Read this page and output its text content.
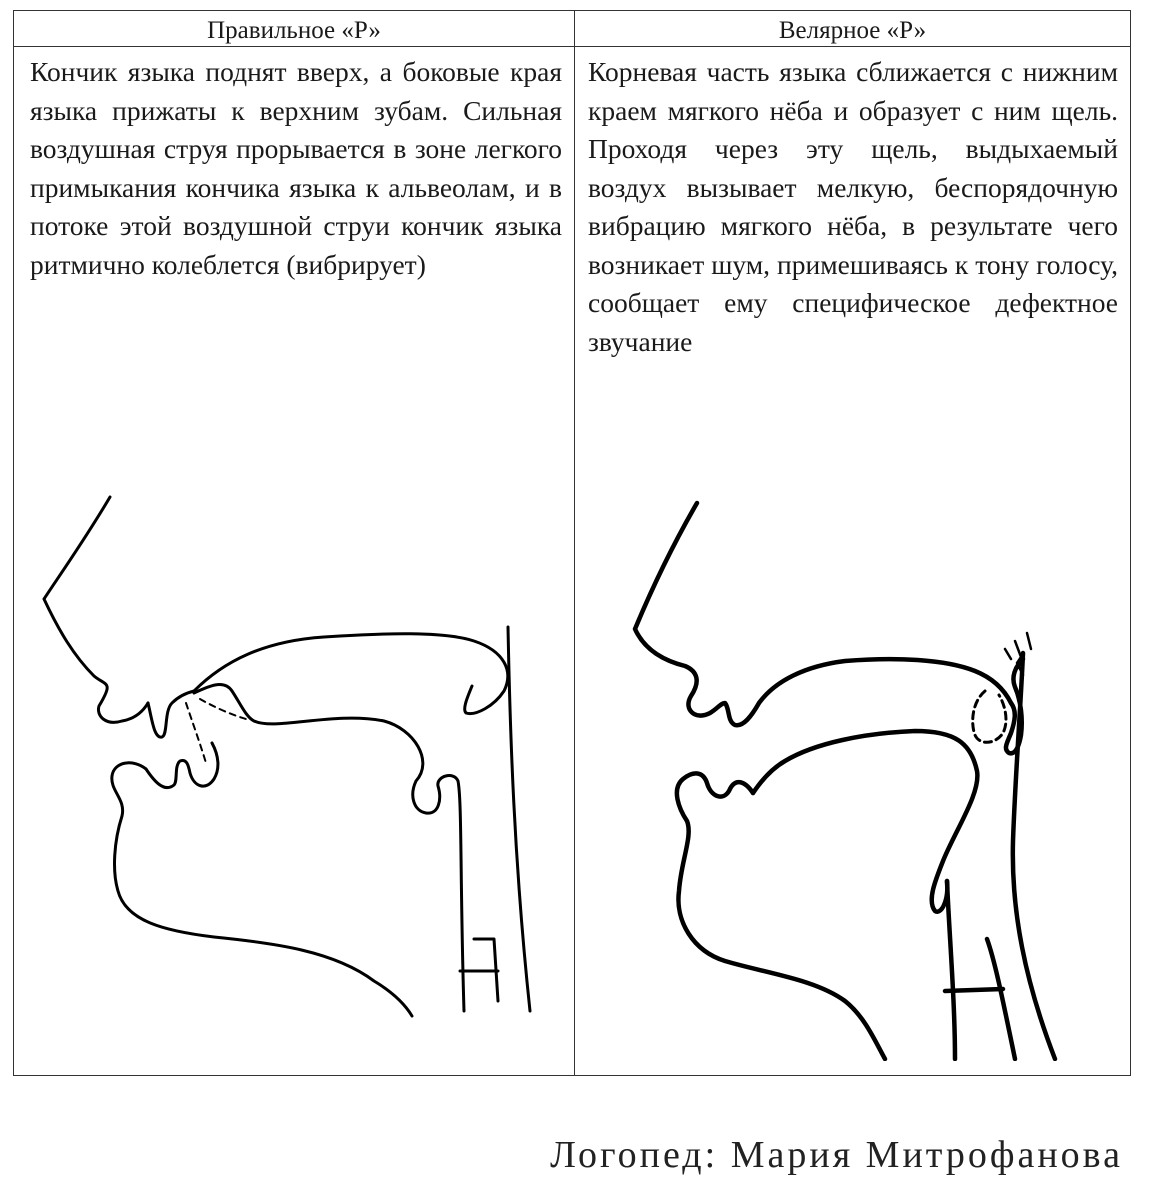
Правильное «Р»
Кончик языка поднят вверх, а боковые края языка прижаты к верхним зубам. Сильная воздушная струя прорывается в зоне легкого примыкания кончика языка к альвеолам, и в потоке этой воздушной струи кончик языка ритмично колеблется (вибрирует)
Велярное «Р»
Корневая часть языка сближается с нижним краем мягкого нёба и образует с ним щель. Проходя через эту щель, выдыхаемый воздух вызывает мелкую, беспорядочную вибрацию мягкого нёба, в результате чего возникает шум, примешиваясь к тону голосу, сообщает ему специфическое дефектное звучание
Логопед: Мария Митрофанова
